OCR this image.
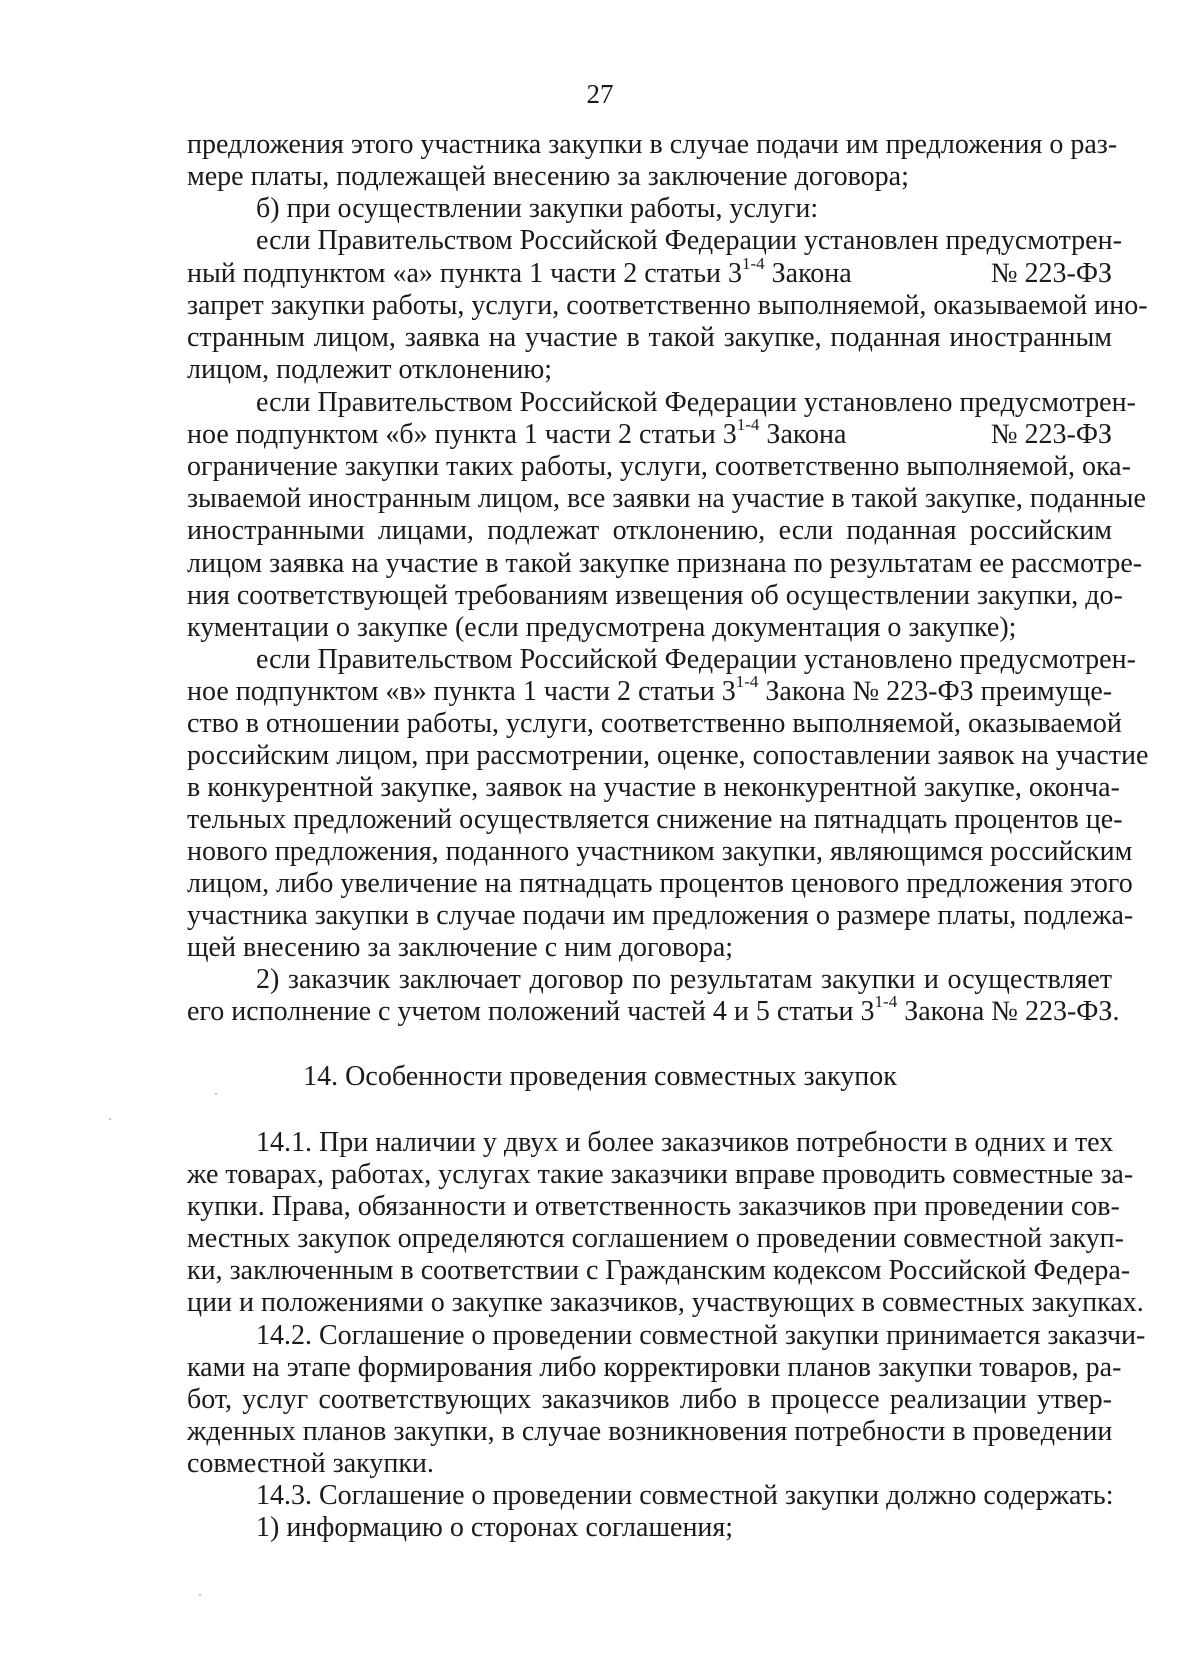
27
предложения этого участника закупки в случае подачи им предложения о раз-
мере платы, подлежащей внесению за заключение договора;
б) при осуществлении закупки работы, услуги:
если Правительством Российской Федерации установлен предусмотрен-
ный подпунктом «а» пункта 1 части 2 статьи 3$^{1-4}$ Закона	№ 223-ФЗ
запрет закупки работы, услуги, соответственно выполняемой, оказываемой ино-
странным лицом, заявка на участие в такой закупке, поданная иностранным
лицом, подлежит отклонению;
если Правительством Российской Федерации установлено предусмотрен-
ное подпунктом «б» пункта 1 части 2 статьи 3$^{1-4}$ Закона	№ 223-ФЗ
ограничение закупки таких работы, услуги, соответственно выполняемой, ока-
зываемой иностранным лицом, все заявки на участие в такой закупке, поданные
иностранными лицами, подлежат отклонению, если поданная российским
лицом заявка на участие в такой закупке признана по результатам ее рассмотре-
ния соответствующей требованиям извещения об осуществлении закупки, до-
кументации о закупке (если предусмотрена документация о закупке);
если Правительством Российской Федерации установлено предусмотрен-
ное подпунктом «в» пункта 1 части 2 статьи 3$^{1-4}$ Закона № 223-ФЗ преимуще-
ство в отношении работы, услуги, соответственно выполняемой, оказываемой
российским лицом, при рассмотрении, оценке, сопоставлении заявок на участие
в конкурентной закупке, заявок на участие в неконкурентной закупке, оконча-
тельных предложений осуществляется снижение на пятнадцать процентов це-
нового предложения, поданного участником закупки, являющимся российским
лицом, либо увеличение на пятнадцать процентов ценового предложения этого
участника закупки в случае подачи им предложения о размере платы, подлежа-
щей внесению за заключение с ним договора;
2) заказчик заключает договор по результатам закупки и осуществляет
его исполнение с учетом положений частей 4 и 5 статьи 3$^{1-4}$ Закона № 223-ФЗ.
14. Особенности проведения совместных закупок
14.1. При наличии у двух и более заказчиков потребности в одних и тех
же товарах, работах, услугах такие заказчики вправе проводить совместные за-
купки. Права, обязанности и ответственность заказчиков при проведении сов-
местных закупок определяются соглашением о проведении совместной закуп-
ки, заключенным в соответствии с Гражданским кодексом Российской Федера-
ции и положениями о закупке заказчиков, участвующих в совместных закупках.
14.2. Соглашение о проведении совместной закупки принимается заказчи-
ками на этапе формирования либо корректировки планов закупки товаров, ра-
бот, услуг соответствующих заказчиков либо в процессе реализации утвер-
жденных планов закупки, в случае возникновения потребности в проведении
совместной закупки.
14.3. Соглашение о проведении совместной закупки должно содержать:
1) информацию о сторонах соглашения;
